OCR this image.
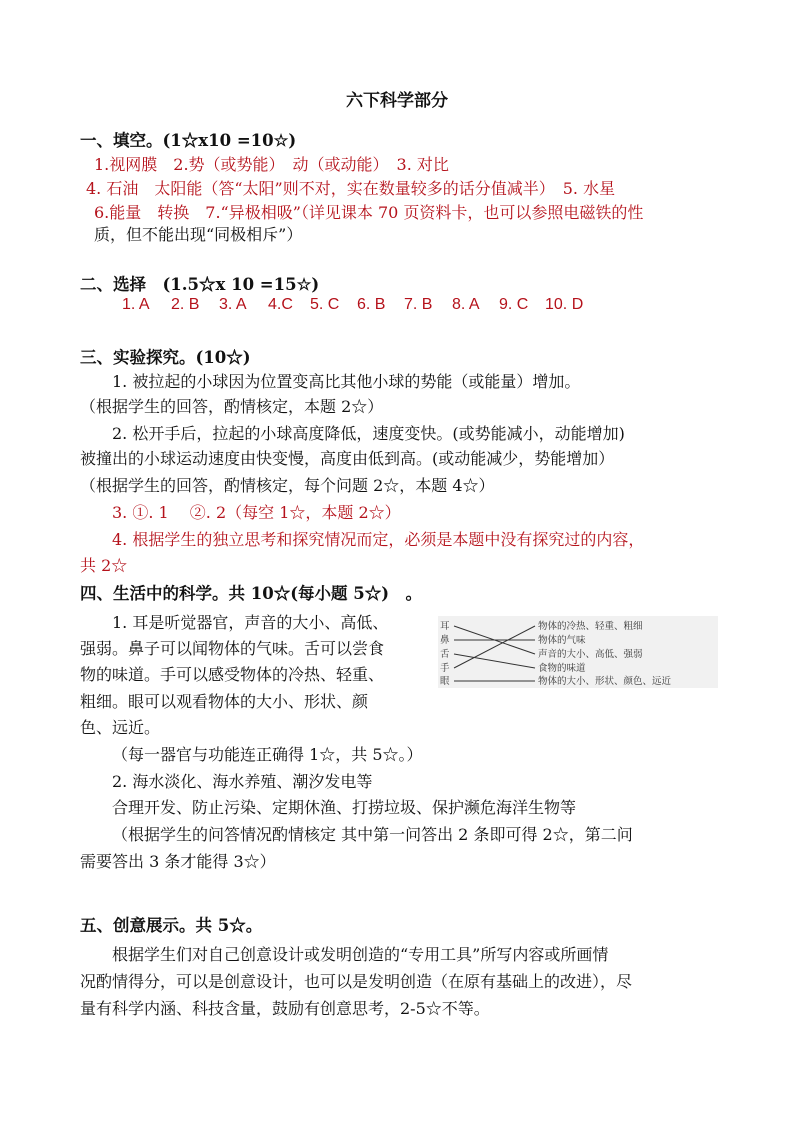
六下科学部分
一、填空。(1☆x10 =10☆)
1.视网膜　2.势（或势能）　动（或动能）　3. 对比
4. 石油　太阳能（答“太阳”则不对，实在数量较多的话分值减半）　5. 水星
6.能量　转换　7.“异极相吸”（详见课本 70 页资料卡，也可以参照电磁铁的性
质，但不能出现“同极相斥”）
二、选择　(1.5☆x 10 =15☆)
1. A 2. B 3. A 4.C 5. C 6. B 7. B 8. A 9. C 10. D
三、实验探究。(10☆)
1. 被拉起的小球因为位置变高比其他小球的势能（或能量）增加。
（根据学生的回答，酌情核定，本题 2☆）
2. 松开手后，拉起的小球高度降低，速度变快。(或势能减小，动能增加)
被撞出的小球运动速度由快变慢，高度由低到高。(或动能减少，势能增加）
（根据学生的回答，酌情核定，每个问题 2☆，本题 4☆）
3. ①. 1　 ②. 2（每空 1☆，本题 2☆）
4. 根据学生的独立思考和探究情况而定，必须是本题中没有探究过的内容，
共 2☆
四、生活中的科学。共 10☆(每小题 5☆)　。
1. 耳是听觉器官，声音的大小、高低、
强弱。鼻子可以闻物体的气味。舌可以尝食
物的味道。手可以感受物体的冷热、轻重、
粗细。眼可以观看物体的大小、形状、颜
色、远近。
（每一器官与功能连正确得 1☆，共 5☆。）
2. 海水淡化、海水养殖、潮汐发电等
合理开发、防止污染、定期休渔、打捞垃圾、保护濒危海洋生物等
（根据学生的问答情况酌情核定 其中第一问答出 2 条即可得 2☆，第二问
需要答出 3 条才能得 3☆）
耳
鼻
舌
手
眼
物体的冷热、轻重、粗细
物体的气味
声音的大小、高低、强弱
食物的味道
物体的大小、形状、颜色、远近
五、创意展示。共 5☆。
根据学生们对自己创意设计或发明创造的“专用工具”所写内容或所画情
况酌情得分，可以是创意设计，也可以是发明创造（在原有基础上的改进），尽
量有科学内涵、科技含量，鼓励有创意思考，2-5☆不等。
